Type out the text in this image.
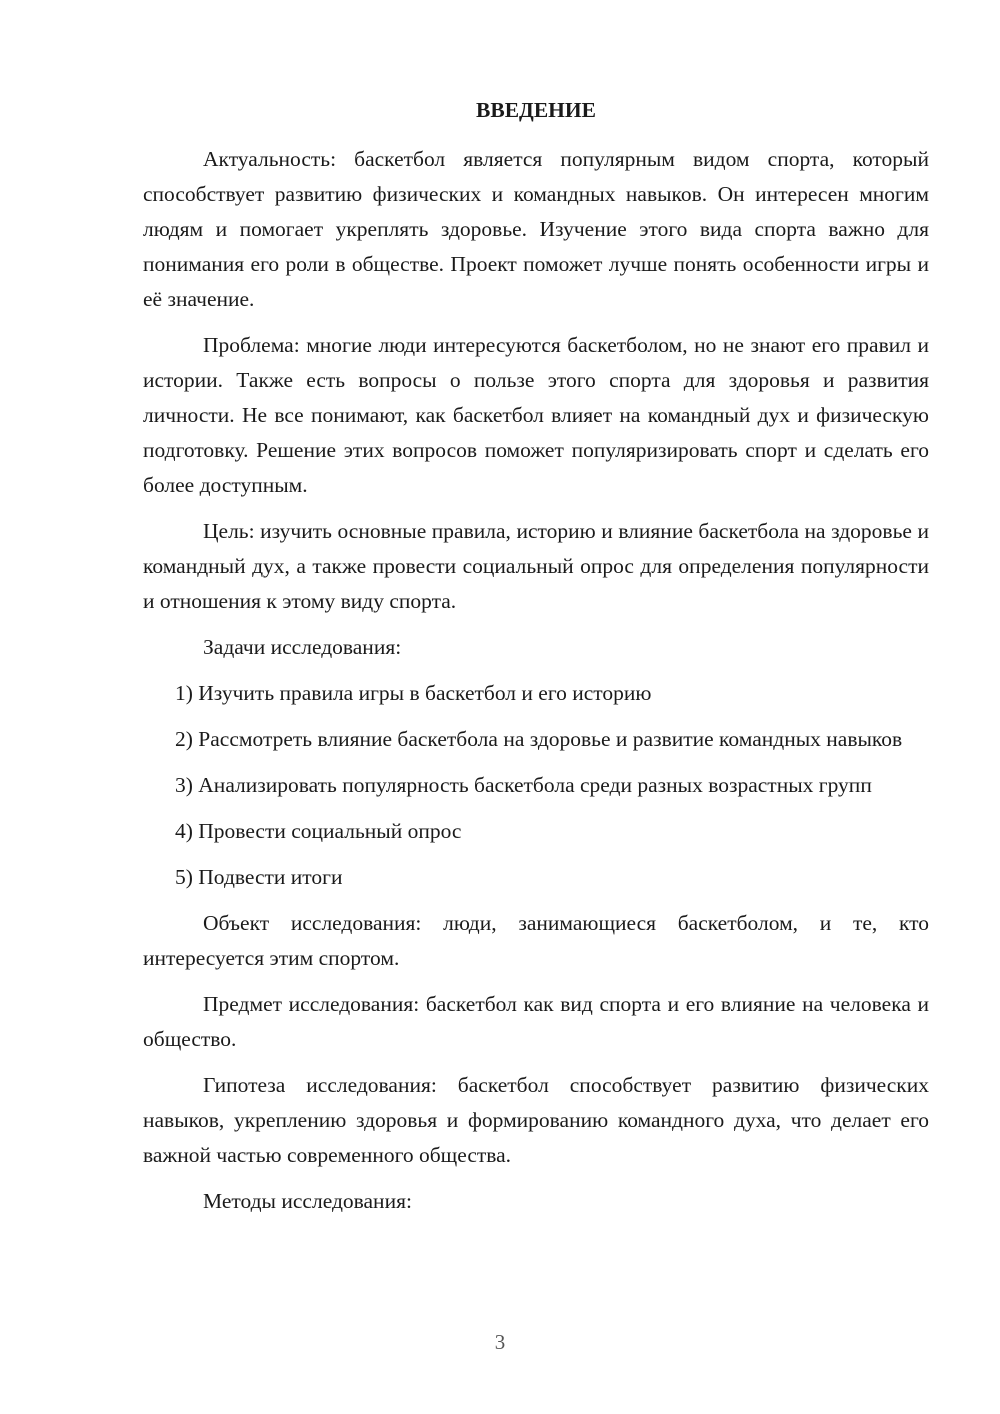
ВВЕДЕНИЕ

Актуальность: баскетбол является популярным видом спорта, который способствует развитию физических и командных навыков. Он интересен многим людям и помогает укреплять здоровье. Изучение этого вида спорта важно для понимания его роли в обществе. Проект поможет лучше понять особенности игры и её значение.

Проблема: многие люди интересуются баскетболом, но не знают его правил и истории. Также есть вопросы о пользе этого спорта для здоровья и развития личности. Не все понимают, как баскетбол влияет на командный дух и физическую подготовку. Решение этих вопросов поможет популяризировать спорт и сделать его более доступным.

Цель: изучить основные правила, историю и влияние баскетбола на здоровье и командный дух, а также провести социальный опрос для определения популярности и отношения к этому виду спорта.

Задачи исследования:

1) Изучить правила игры в баскетбол и его историю

2) Рассмотреть влияние баскетбола на здоровье и развитие командных навыков

3) Анализировать популярность баскетбола среди разных возрастных групп

4) Провести социальный опрос

5) Подвести итоги

Объект исследования: люди, занимающиеся баскетболом, и те, кто интересуется этим спортом.

Предмет исследования: баскетбол как вид спорта и его влияние на человека и общество.

Гипотеза исследования: баскетбол способствует развитию физических навыков, укреплению здоровья и формированию командного духа, что делает его важной частью современного общества.

Методы исследования:

3
